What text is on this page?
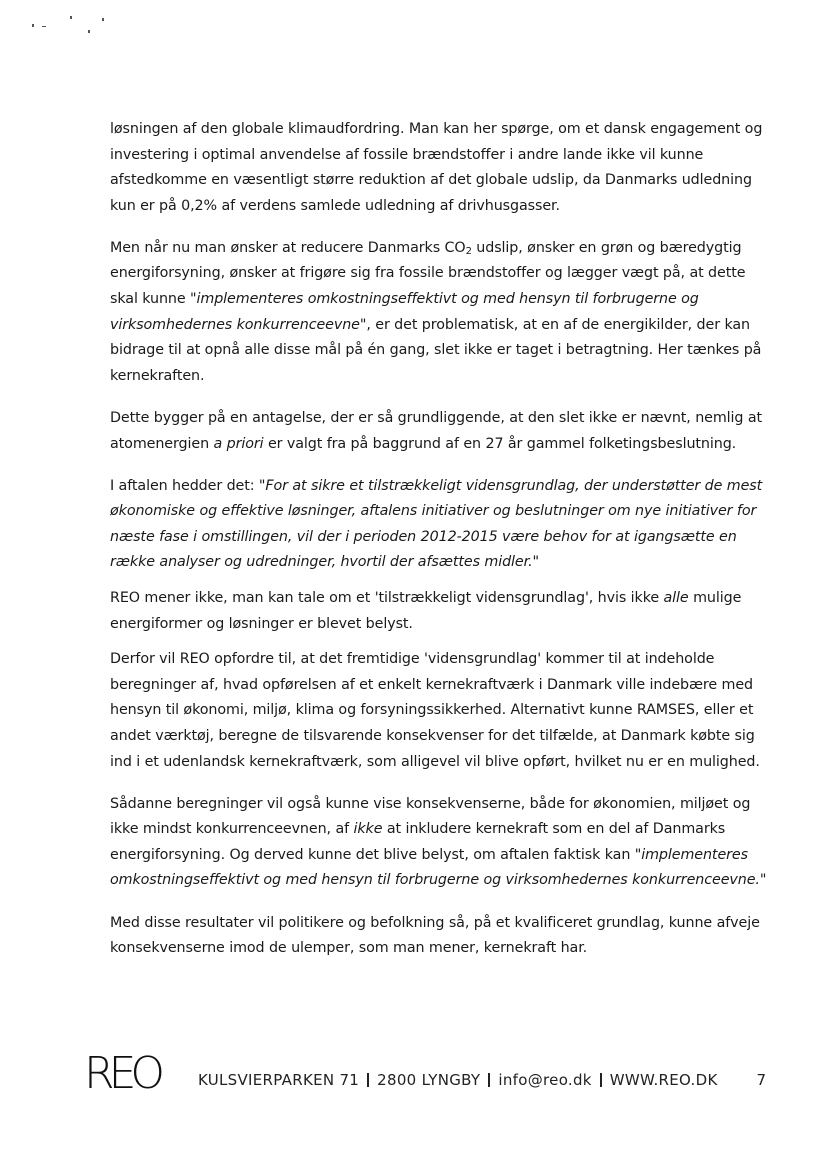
løsningen af den globale klimaudfordring. Man kan her spørge, om et dansk engagement og investering i optimal anvendelse af fossile brændstoffer i andre lande ikke vil kunne afstedkomme en væsentligt større reduktion af det globale udslip, da Danmarks udledning kun er på 0,2% af verdens samlede udledning af drivhusgasser.

Men når nu man ønsker at reducere Danmarks $CO_2$ udslip, ønsker en grøn og bæredygtig energiforsyning, ønsker at frigøre sig fra fossile brændstoffer og lægger vægt på, at dette skal kunne "implementeres omkostningseffektivt og med hensyn til forbrugerne og virksomhedernes konkurrenceevne", er det problematisk, at en af de energikilder, der kan bidrage til at opnå alle disse mål på én gang, slet ikke er taget i betragtning. Her tænkes på kernekraften.

Dette bygger på en antagelse, der er så grundliggende, at den slet ikke er nævnt, nemlig at atomenergien a priori er valgt fra på baggrund af en 27 år gammel folketingsbeslutning.

I aftalen hedder det: "For at sikre et tilstrækkeligt vidensgrundlag, der understøtter de mest økonomiske og effektive løsninger, aftalens initiativer og beslutninger om nye initiativer for næste fase i omstillingen, vil der i perioden 2012-2015 være behov for at igangsætte en række analyser og udredninger, hvortil der afsættes midler."

REO mener ikke, man kan tale om et 'tilstrækkeligt vidensgrundlag', hvis ikke alle mulige energiformer og løsninger er blevet belyst.

Derfor vil REO opfordre til, at det fremtidige 'vidensgrundlag' kommer til at indeholde beregninger af, hvad opførelsen af et enkelt kernekraftværk i Danmark ville indebære med hensyn til økonomi, miljø, klima og forsyningssikkerhed. Alternativt kunne RAMSES, eller et andet værktøj, beregne de tilsvarende konsekvenser for det tilfælde, at Danmark købte sig ind i et udenlandsk kernekraftværk, som alligevel vil blive opført, hvilket nu er en mulighed.

Sådanne beregninger vil også kunne vise konsekvenserne, både for økonomien, miljøet og ikke mindst konkurrenceevnen, af ikke at inkludere kernekraft som en del af Danmarks energiforsyning. Og derved kunne det blive belyst, om aftalen faktisk kan "implementeres omkostningseffektivt og med hensyn til forbrugerne og virksomhedernes konkurrenceevne."

Med disse resultater vil politikere og befolkning så, på et kvalificeret grundlag, kunne afveje konsekvenserne imod de ulemper, som man mener, kernekraft har.

REO	KULSVIERPARKEN 71 2800 LYNGBY info@reo.dk WWW.REO.DK	7
